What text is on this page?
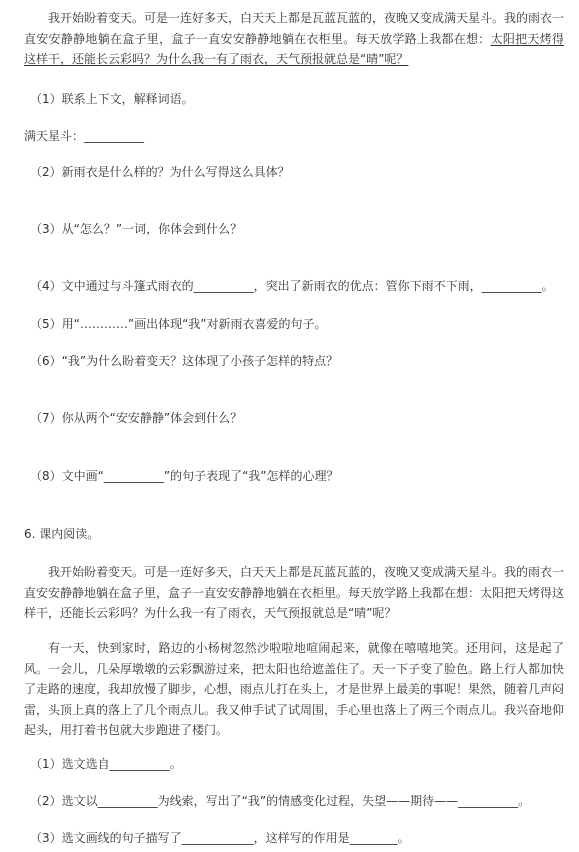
我开始盼着变天。可是一连好多天，白天天上都是瓦蓝瓦蓝的，夜晚又变成满天星斗。我的雨衣一直安安静静地躺在盒子里，盒子一直安安静静地躺在衣柜里。每天放学路上我都在想：太阳把天烤得这样干，还能长云彩吗？为什么我一有了雨衣，天气预报就总是“晴”呢？
（1）联系上下文，解释词语。
满天星斗：__________
（2）新雨衣是什么样的？为什么写得这么具体？
（3）从“怎么？”一词，你体会到什么？
（4）文中通过与斗篷式雨衣的__________，突出了新雨衣的优点：管你下雨不下雨，__________。
（5）用“…………”画出体现“我”对新雨衣喜爱的句子。
（6）“我”为什么盼着变天？这体现了小孩子怎样的特点？
（7）你从两个“安安静静”体会到什么？
（8）文中画“__________”的句子表现了“我”怎样的心理？
6. 课内阅读。
我开始盼着变天。可是一连好多天，白天天上都是瓦蓝瓦蓝的，夜晚又变成满天星斗。我的雨衣一直安安静静地躺在盒子里，盒子一直安安静静地躺在衣柜里。每天放学路上我都在想：太阳把天烤得这样干，还能长云彩吗？为什么我一有了雨衣，天气预报就总是“晴”呢？
有一天，快到家时，路边的小杨树忽然沙啦啦地喧闹起来，就像在嘻嘻地笑。还用问，这是起了风。一会儿，几朵厚墩墩的云彩飘游过来，把太阳也给遮盖住了。天一下子变了脸色。路上行人都加快了走路的速度，我却放慢了脚步，心想，雨点儿打在头上，才是世界上最美的事呢！果然，随着几声闷雷，头顶上真的落上了几个雨点儿。我又伸手试了试周围，手心里也落上了两三个雨点儿。我兴奋地仰起头，用打着书包就大步跑进了楼门。
（1）选文选自__________。
（2）选文以__________为线索，写出了“我”的情感变化过程，失望——期待——__________。
（3）选文画线的句子描写了____________，这样写的作用是________。
